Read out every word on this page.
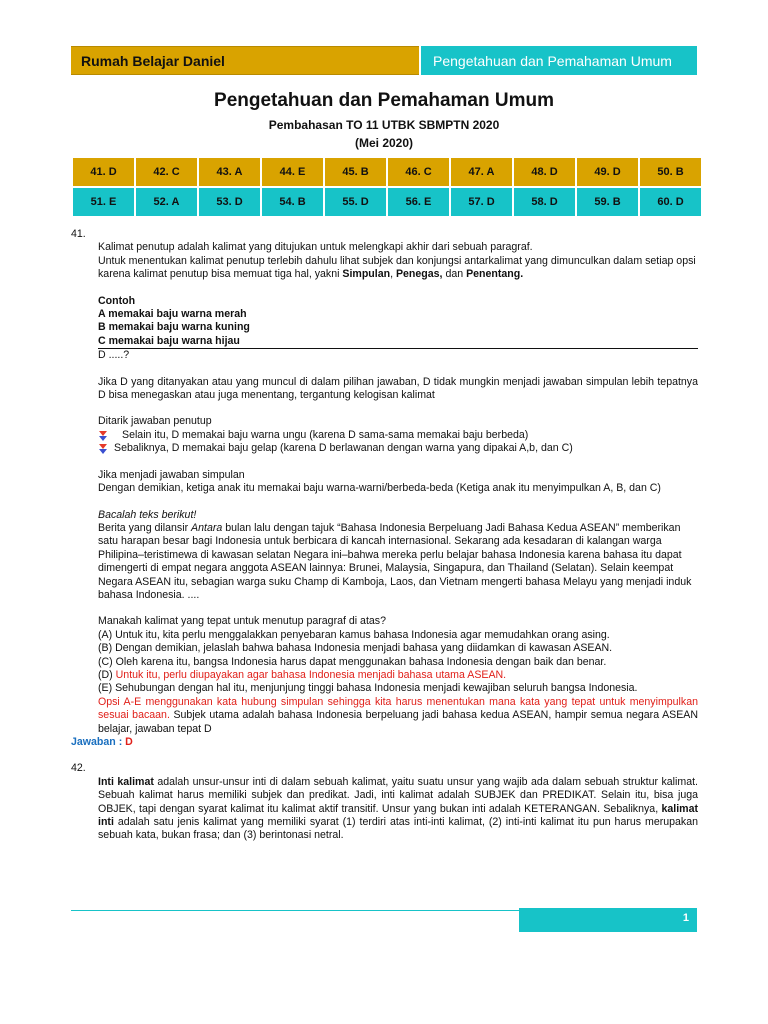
Rumah Belajar Daniel	Pengetahuan dan Pemahaman Umum
Pengetahuan dan Pemahaman Umum
Pembahasan TO 11 UTBK SBMPTN 2020
(Mei 2020)
41. D	42. C	43. A	44. E	45. B	46. C	47. A	48. D	49. D	50. B
51. E	52. A	53. D	54. B	55. D	56. E	57. D	58. D	59. B	60. D

41.

Kalimat penutup adalah kalimat yang ditujukan untuk melengkapi akhir dari sebuah paragraf.

Untuk menentukan kalimat penutup terlebih dahulu lihat subjek dan konjungsi antarkalimat yang dimunculkan dalam setiap opsi karena kalimat penutup bisa memuat tiga hal, yakni Simpulan, Penegas, dan Penentang.

Contoh

A memakai baju warna merah

B memakai baju warna kuning

C memakai baju warna hijau

D .....?

Jika D yang ditanyakan atau yang muncul di dalam pilihan jawaban, D tidak mungkin menjadi jawaban simpulan lebih tepatnya D bisa menegaskan atau juga menentang, tergantung kelogisan kalimat

Ditarik jawaban penutup

Selain itu, D memakai baju warna ungu (karena D sama-sama memakai baju berbeda)
Sebaliknya, D memakai baju gelap (karena D berlawanan dengan warna yang dipakai A,b, dan C)

Jika menjadi jawaban simpulan

Dengan demikian, ketiga anak itu memakai baju warna-warni/berbeda-beda (Ketiga anak itu menyimpulkan A, B, dan C)

Bacalah teks berikut!

Berita yang dilansir Antara bulan lalu dengan tajuk “Bahasa Indonesia Berpeluang Jadi Bahasa Kedua ASEAN” memberikan satu harapan besar bagi Indonesia untuk berbicara di kancah internasional. Sekarang ada kesadaran di kalangan warga Philipina–teristimewa di kawasan selatan Negara ini–bahwa mereka perlu belajar bahasa Indonesia karena bahasa itu dapat dimengerti di empat negara anggota ASEAN lainnya: Brunei, Malaysia, Singapura, dan Thailand (Selatan). Selain keempat Negara ASEAN itu, sebagian warga suku Champ di Kamboja, Laos, dan Vietnam mengerti bahasa Melayu yang menjadi induk bahasa Indonesia. ....

Manakah kalimat yang tepat untuk menutup paragraf di atas?

(A) Untuk itu, kita perlu menggalakkan penyebaran kamus bahasa Indonesia agar memudahkan orang asing.

(B) Dengan demikian, jelaslah bahwa bahasa Indonesia menjadi bahasa yang diidamkan di kawasan ASEAN.

(C) Oleh karena itu, bangsa Indonesia harus dapat menggunakan bahasa Indonesia dengan baik dan benar.

(D) Untuk itu, perlu diupayakan agar bahasa Indonesia menjadi bahasa utama ASEAN.

(E) Sehubungan dengan hal itu, menjunjung tinggi bahasa Indonesia menjadi kewajiban seluruh bangsa Indonesia.

Opsi A-E menggunakan kata hubung simpulan sehingga kita harus menentukan mana kata yang tepat untuk menyimpulkan sesuai bacaan. Subjek utama adalah bahasa Indonesia berpeluang jadi bahasa kedua ASEAN, hampir semua negara ASEAN belajar, jawaban tepat D

Jawaban : D

42.

Inti kalimat adalah unsur-unsur inti di dalam sebuah kalimat, yaitu suatu unsur yang wajib ada dalam sebuah struktur kalimat. Sebuah kalimat harus memiliki subjek dan predikat. Jadi, inti kalimat adalah SUBJEK dan PREDIKAT. Selain itu, bisa juga OBJEK, tapi dengan syarat kalimat itu kalimat aktif transitif. Unsur yang bukan inti adalah KETERANGAN. Sebaliknya, kalimat inti adalah satu jenis kalimat yang memiliki syarat (1) terdiri atas inti-inti kalimat, (2) inti-inti kalimat itu pun harus merupakan sebuah kata, bukan frasa; dan (3) berintonasi netral.

1
